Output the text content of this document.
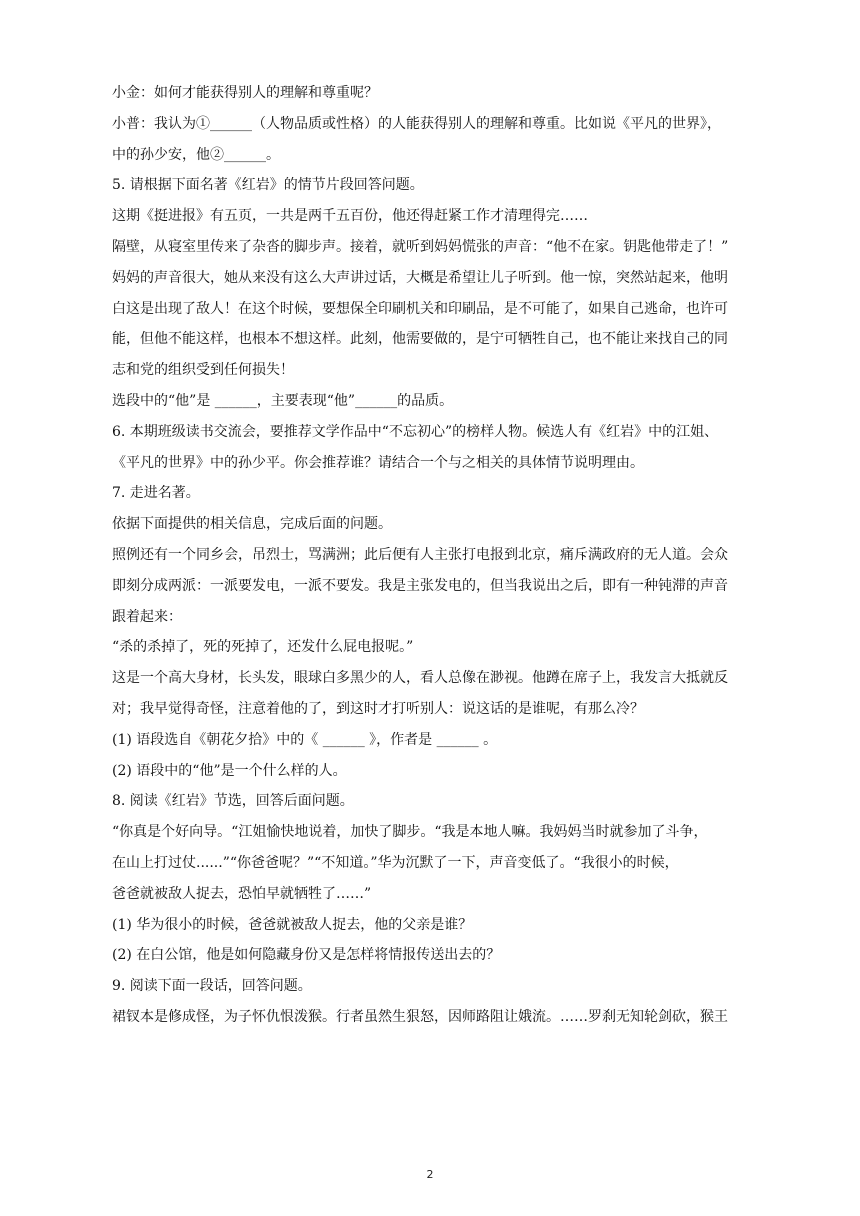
小金：如何才能获得别人的理解和尊重呢？
小普：我认为①______（人物品质或性格）的人能获得别人的理解和尊重。比如说《平凡的世界》，
中的孙少安，他②______。
5. 请根据下面名著《红岩》的情节片段回答问题。
这期《挺进报》有五页，一共是两千五百份，他还得赶紧工作才清理得完……
隔壁，从寝室里传来了杂沓的脚步声。接着，就听到妈妈慌张的声音：“他不在家。钥匙他带走了！”
妈妈的声音很大，她从来没有这么大声讲过话，大概是希望让儿子听到。他一惊，突然站起来，他明
白这是出现了敌人！在这个时候，要想保全印刷机关和印刷品，是不可能了，如果自己逃命，也许可
能，但他不能这样，也根本不想这样。此刻，他需要做的，是宁可牺牲自己，也不能让来找自己的同
志和党的组织受到任何损失！
选段中的“他”是 ______，主要表现“他”______的品质。
6. 本期班级读书交流会，要推荐文学作品中“不忘初心”的榜样人物。候选人有《红岩》中的江姐、
《平凡的世界》中的孙少平。你会推荐谁？请结合一个与之相关的具体情节说明理由。
7. 走进名著。
依据下面提供的相关信息，完成后面的问题。
照例还有一个同乡会，吊烈士，骂满洲；此后便有人主张打电报到北京，痛斥满政府的无人道。会众
即刻分成两派：一派要发电，一派不要发。我是主张发电的，但当我说出之后，即有一种钝滞的声音
跟着起来：
“杀的杀掉了，死的死掉了，还发什么屁电报呢。”
这是一个高大身材，长头发，眼球白多黑少的人，看人总像在渺视。他蹲在席子上，我发言大抵就反
对；我早觉得奇怪，注意着他的了，到这时才打听别人：说这话的是谁呢，有那么冷？
(1) 语段选自《朝花夕拾》中的《 ______ 》，作者是 ______ 。
(2) 语段中的“他”是一个什么样的人。
8. 阅读《红岩》节选，回答后面问题。
“你真是个好向导。“江姐愉快地说着，加快了脚步。“我是本地人嘛。我妈妈当时就参加了斗争，
在山上打过仗......”“你爸爸呢？”“不知道。”华为沉默了一下，声音变低了。“我很小的时候，
爸爸就被敌人捉去，恐怕早就牺牲了……”
(1) 华为很小的时候，爸爸就被敌人捉去，他的父亲是谁？
(2) 在白公馆，他是如何隐藏身份又是怎样将情报传送出去的？
9. 阅读下面一段话，回答问题。
裙钗本是修成怪，为子怀仇恨泼猴。行者虽然生狠怒，因师路阻让娥流。……罗刹无知轮剑砍，猴王
2
